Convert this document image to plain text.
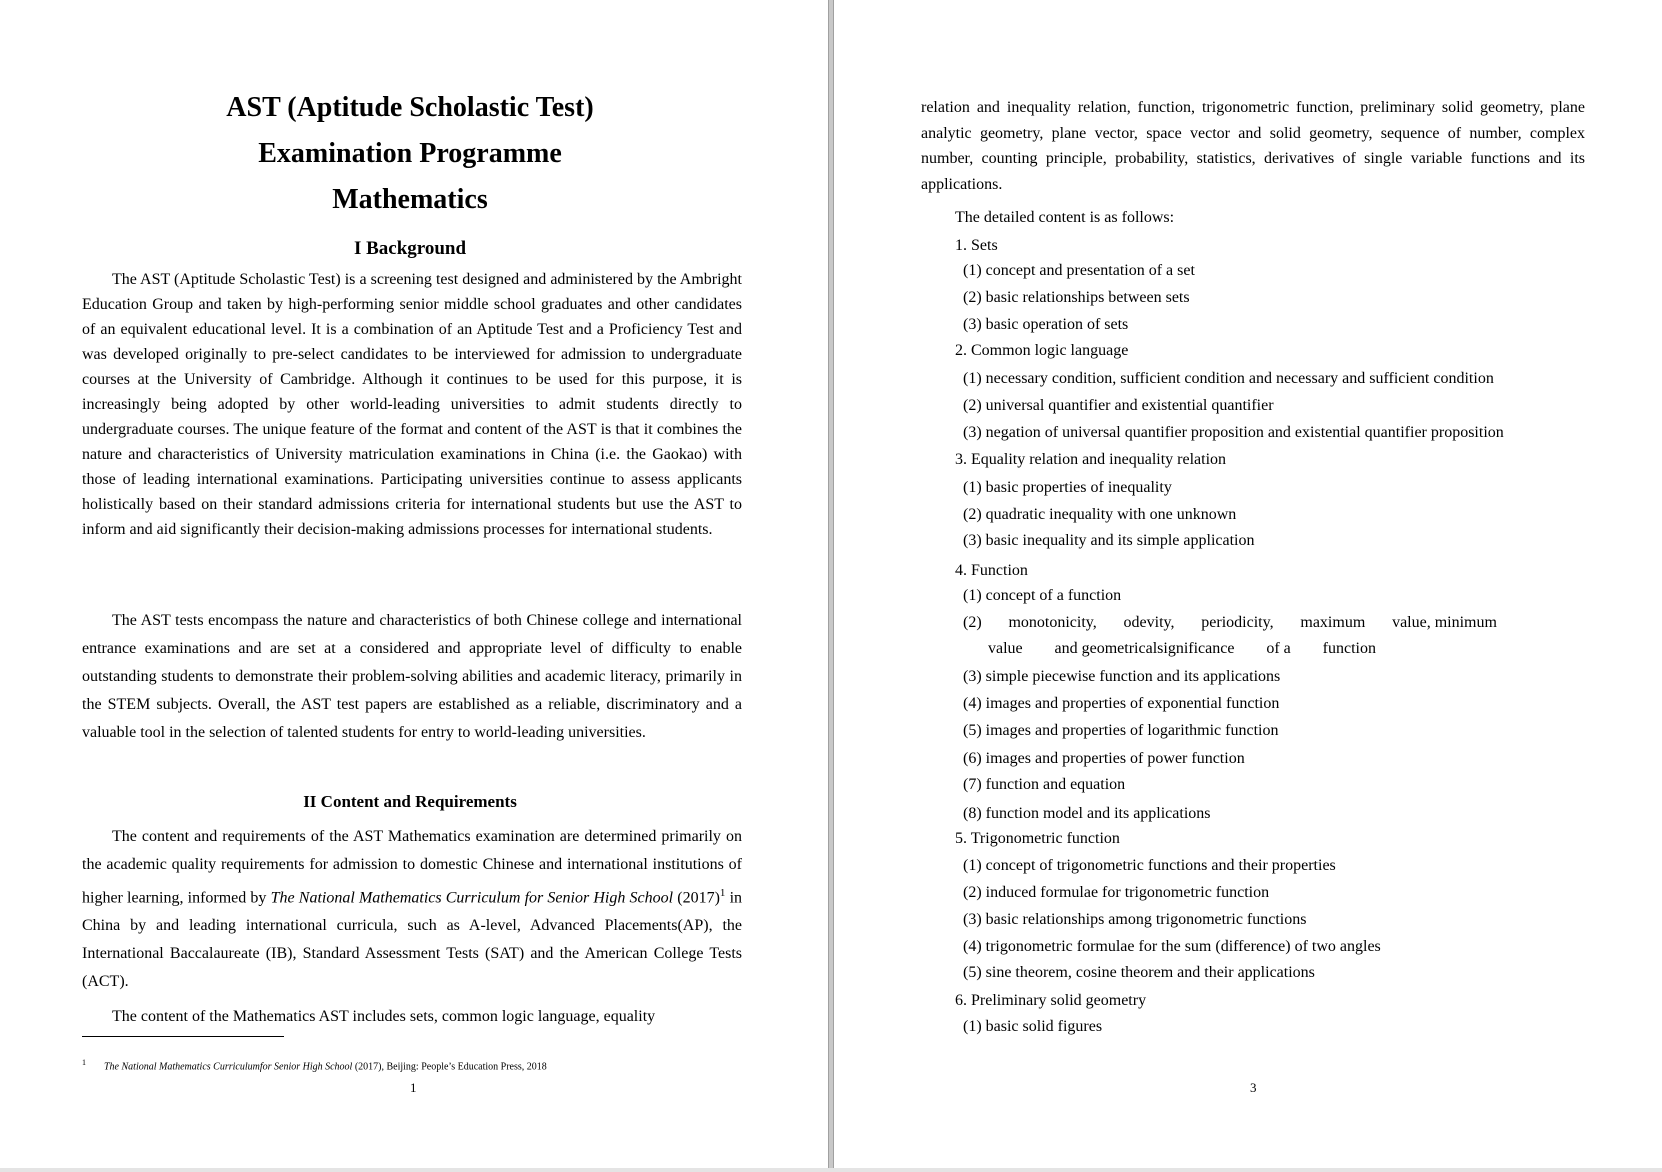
AST (Aptitude Scholastic Test)
Examination Programme
Mathematics
I Background
The AST (Aptitude Scholastic Test) is a screening test designed and administered by the Ambright Education Group and taken by high-performing senior middle school graduates and other candidates of an equivalent educational level. It is a combination of an Aptitude Test and a Proficiency Test and was developed originally to pre-select candidates to be interviewed for admission to undergraduate courses at the University of Cambridge. Although it continues to be used for this purpose, it is increasingly being adopted by other world-leading universities to admit students directly to undergraduate courses. The unique feature of the format and content of the AST is that it combines the nature and characteristics of University matriculation examinations in China (i.e. the Gaokao) with those of leading international examinations. Participating universities continue to assess applicants holistically based on their standard admissions criteria for international students but use the AST to inform and aid significantly their decision-making admissions processes for international students.
The AST tests encompass the nature and characteristics of both Chinese college and international entrance examinations and are set at a considered and appropriate level of difficulty to enable outstanding students to demonstrate their problem-solving abilities and academic literacy, primarily in the STEM subjects. Overall, the AST test papers are established as a reliable, discriminatory and a valuable tool in the selection of talented students for entry to world-leading universities.
II Content and Requirements
The content and requirements of the AST Mathematics examination are determined primarily on the academic quality requirements for admission to domestic Chinese and international institutions of higher learning, informed by The National Mathematics Curriculum for Senior High School $(2017)^1$ in China by and leading international curricula, such as A-level, Advanced Placements(AP), the International Baccalaureate (IB), Standard Assessment Tests (SAT) and the American College Tests (ACT).
The content of the Mathematics AST includes sets, common logic language, equality
$^1$ The National Mathematics Curriculumfor Senior High School (2017), Beijing: People’s Education Press, 2018
1
relation and inequality relation, function, trigonometric function, preliminary solid geometry, plane analytic geometry, plane vector, space vector and solid geometry, sequence of number, complex number, counting principle, probability, statistics, derivatives of single variable functions and its applications.
The detailed content is as follows:
1. Sets
(1) concept and presentation of a set
(2) basic relationships between sets
(3) basic operation of sets
2. Common logic language
(1) necessary condition, sufficient condition and necessary and sufficient condition
(2) universal quantifier and existential quantifier
(3) negation of universal quantifier proposition and existential quantifier proposition
3. Equality relation and inequality relation
(1) basic properties of inequality
(2) quadratic inequality with one unknown
(3) basic inequality and its simple application
4. Function
(1) concept of a function
(2) monotonicity, odevity, periodicity, maximum value, minimum
value and geometricalsignificance of a function
(3) simple piecewise function and its applications
(4) images and properties of exponential function
(5) images and properties of logarithmic function
(6) images and properties of power function
(7) function and equation
(8) function model and its applications
5. Trigonometric function
(1) concept of trigonometric functions and their properties
(2) induced formulae for trigonometric function
(3) basic relationships among trigonometric functions
(4) trigonometric formulae for the sum (difference) of two angles
(5) sine theorem, cosine theorem and their applications
6. Preliminary solid geometry
(1) basic solid figures
3
